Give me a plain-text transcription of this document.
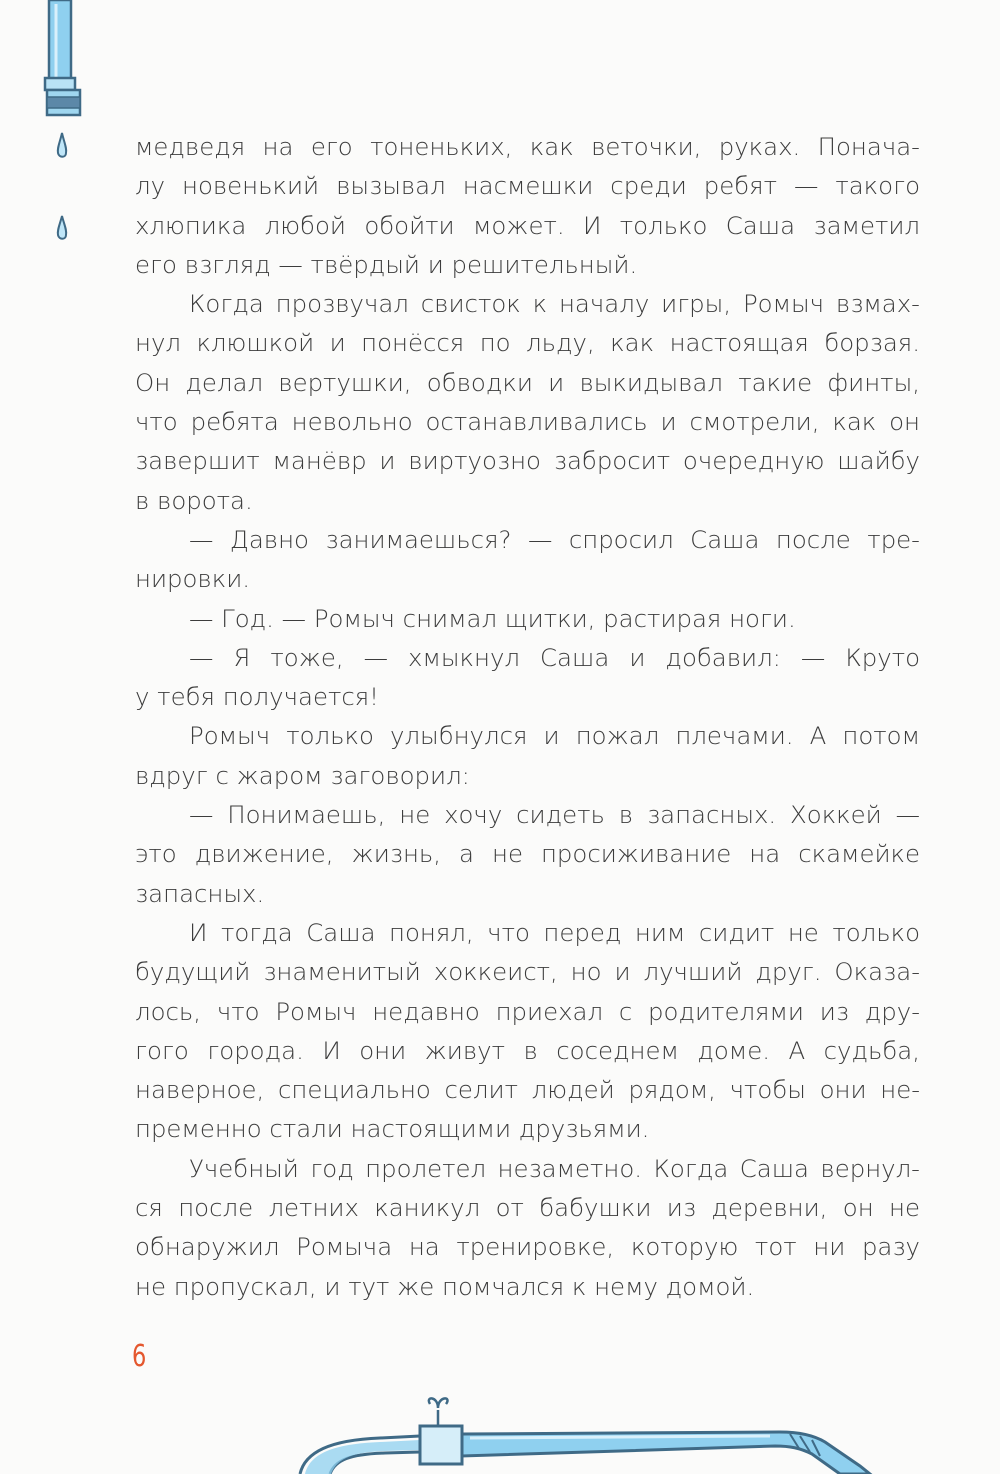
медведя на его тоненьких, как веточки, руках. Поначa-
лу новенький вызывал насмешки среди ребят — такого
хлюпика любой обойти может. И только Саша заметил
его взгляд — твёрдый и решительный.
Когда прозвучал свисток к началу игры, Ромыч взмах-
нул клюшкой и понёсся по льду, как настоящая борзая.
Он делал вертушки, обводки и выкидывал такие финты,
что ребята невольно останавливались и смотрели, как он
завершит манёвр и виртуозно забросит очередную шайбу
в ворота.
— Давно занимаешься? — спросил Саша после тре-
нировки.
— Год. — Ромыч снимал щитки, растирая ноги.
— Я тоже, — хмыкнул Саша и добавил: — Круто
у тебя получается!
Ромыч только улыбнулся и пожал плечами. А потом
вдруг с жаром заговорил:
— Понимаешь, не хочу сидеть в запасных. Хоккей —
это движение, жизнь, а не просиживание на скамейке
запасных.
И тогда Саша понял, что перед ним сидит не только
будущий знаменитый хоккеист, но и лучший друг. Оказа-
лось, что Ромыч недавно приехал с родителями из дру-
гого города. И они живут в соседнем доме. А судьба,
наверное, специально селит людей рядом, чтобы они не-
пременно стали настоящими друзьями.
Учебный год пролетел незаметно. Когда Саша вернул-
ся после летних каникул от бабушки из деревни, он не
обнаружил Ромыча на тренировке, которую тот ни разу
не пропускал, и тут же помчался к нему домой.
6
